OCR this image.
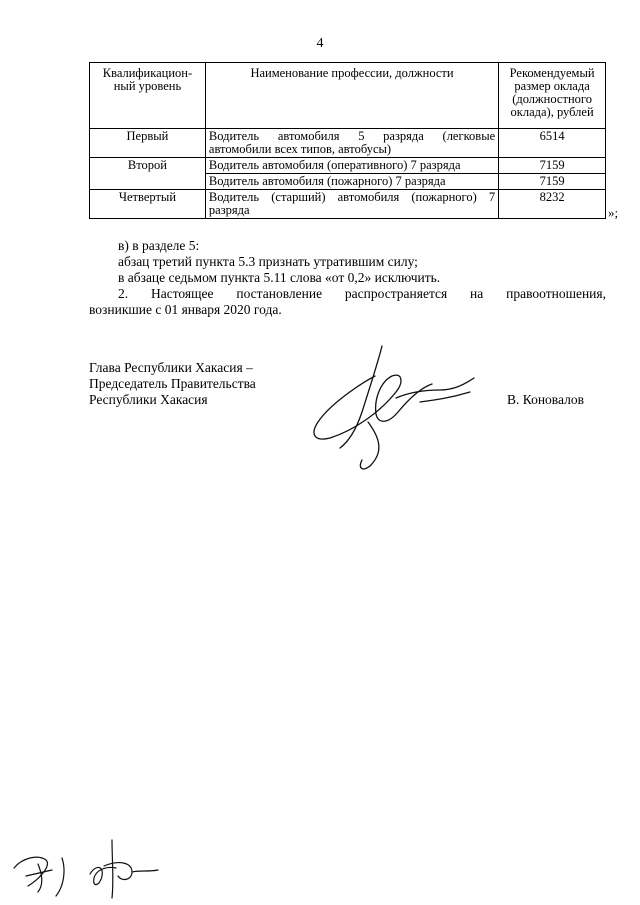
4
Квалификацион-ный уровень	Наименование профессии, должности	Рекомендуемый размер оклада (должностного оклада), рублей
Первый	Водитель автомобиля 5 разряда (легковые автомобили всех типов, автобусы)	6514
Второй	Водитель автомобиля (оперативного) 7 разряда	7159
	Водитель автомобиля (пожарного) 7 разряда	7159
Четвертый	Водитель (старший) автомобиля (пожарного) 7 разряда	8232
»;
в) в разделе 5:
абзац третий пункта 5.3 признать утратившим силу;
в абзаце седьмом пункта 5.11 слова «от 0,2» исключить.
2. Настоящее постановление распространяется на правоотношения,
возникшие с 01 января 2020 года.
Глава Республики Хакасия –
Председатель Правительства
Республики Хакасия	В. Коновалов
